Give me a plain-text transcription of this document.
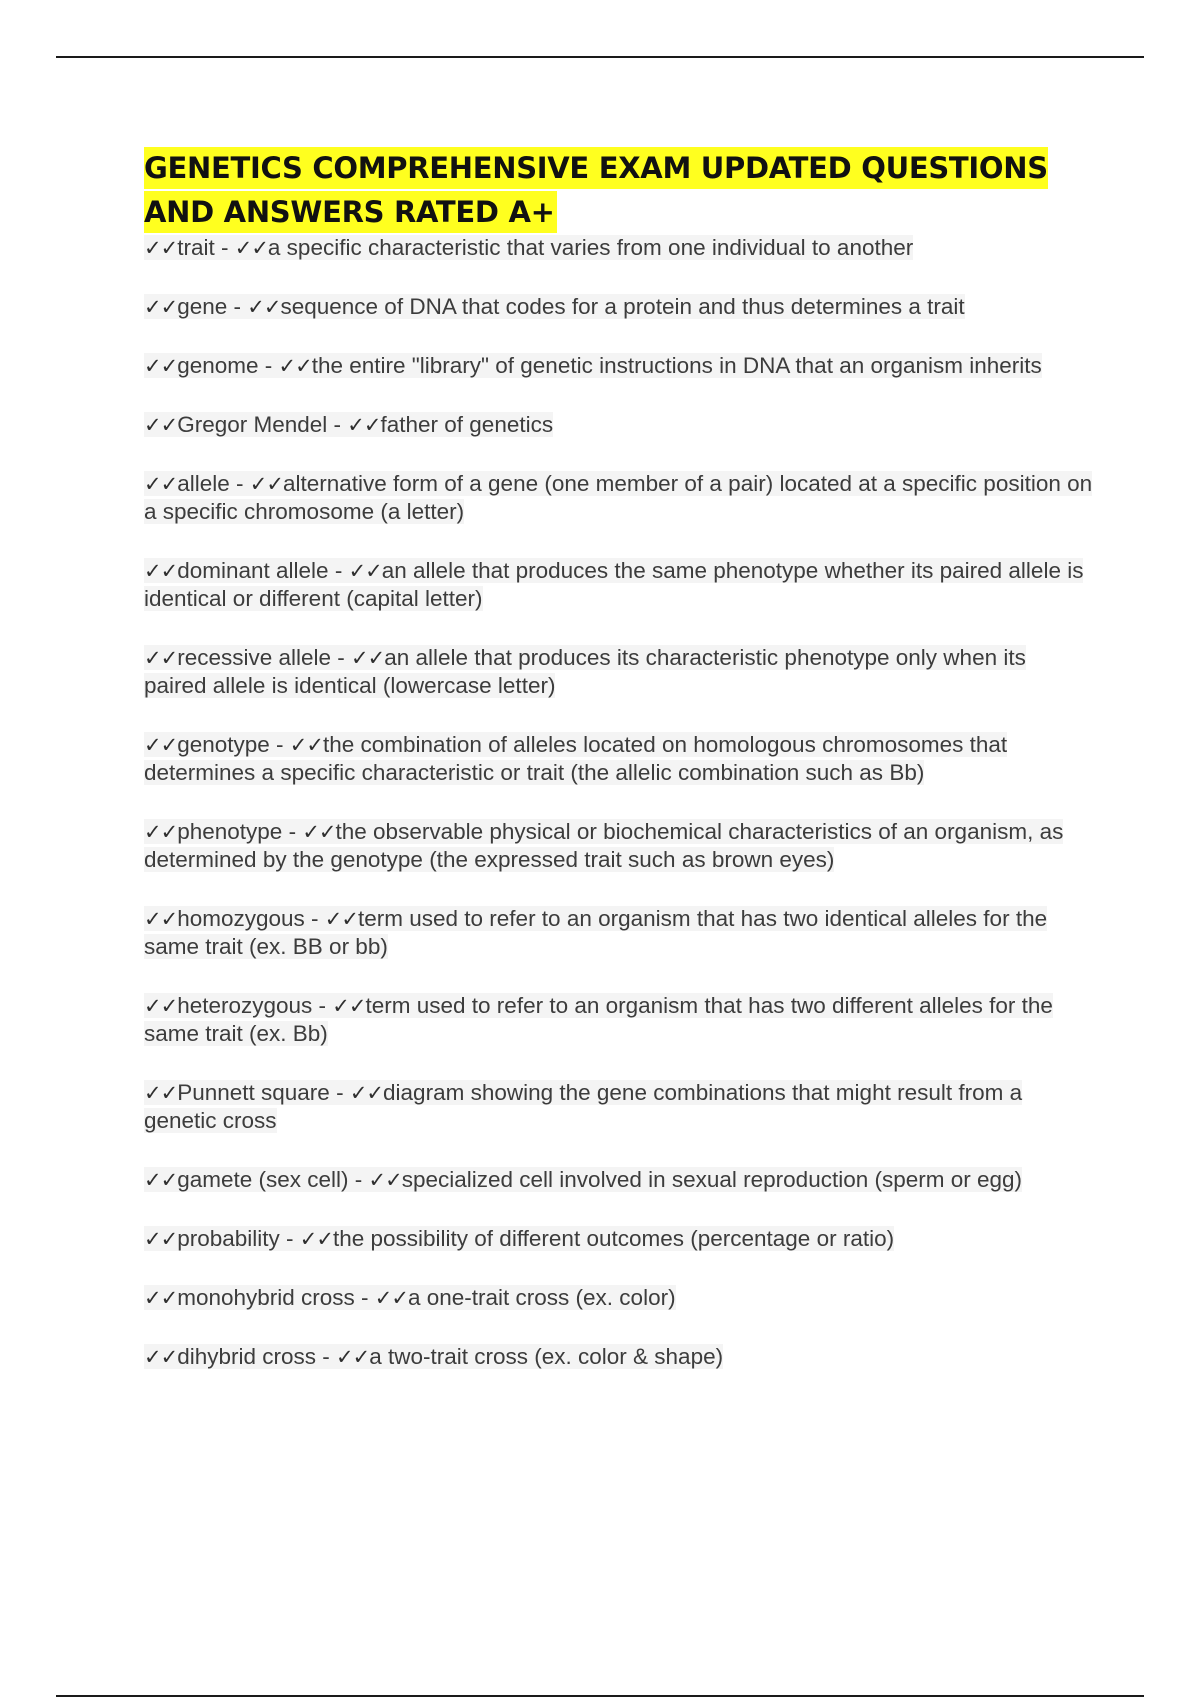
GENETICS COMPREHENSIVE EXAM UPDATED QUESTIONS AND ANSWERS RATED A+
✓✓trait - ✓✓a specific characteristic that varies from one individual to another
✓✓gene - ✓✓sequence of DNA that codes for a protein and thus determines a trait
✓✓genome - ✓✓the entire "library" of genetic instructions in DNA that an organism inherits
✓✓Gregor Mendel - ✓✓father of genetics
✓✓allele - ✓✓alternative form of a gene (one member of a pair) located at a specific position on a specific chromosome (a letter)
✓✓dominant allele - ✓✓an allele that produces the same phenotype whether its paired allele is identical or different (capital letter)
✓✓recessive allele - ✓✓an allele that produces its characteristic phenotype only when its paired allele is identical (lowercase letter)
✓✓genotype - ✓✓the combination of alleles located on homologous chromosomes that determines a specific characteristic or trait (the allelic combination such as Bb)
✓✓phenotype - ✓✓the observable physical or biochemical characteristics of an organism, as determined by the genotype (the expressed trait such as brown eyes)
✓✓homozygous - ✓✓term used to refer to an organism that has two identical alleles for the same trait (ex. BB or bb)
✓✓heterozygous - ✓✓term used to refer to an organism that has two different alleles for the same trait (ex. Bb)
✓✓Punnett square - ✓✓diagram showing the gene combinations that might result from a genetic cross
✓✓gamete (sex cell) - ✓✓specialized cell involved in sexual reproduction (sperm or egg)
✓✓probability - ✓✓the possibility of different outcomes (percentage or ratio)
✓✓monohybrid cross - ✓✓a one-trait cross (ex. color)
✓✓dihybrid cross - ✓✓a two-trait cross (ex. color & shape)
